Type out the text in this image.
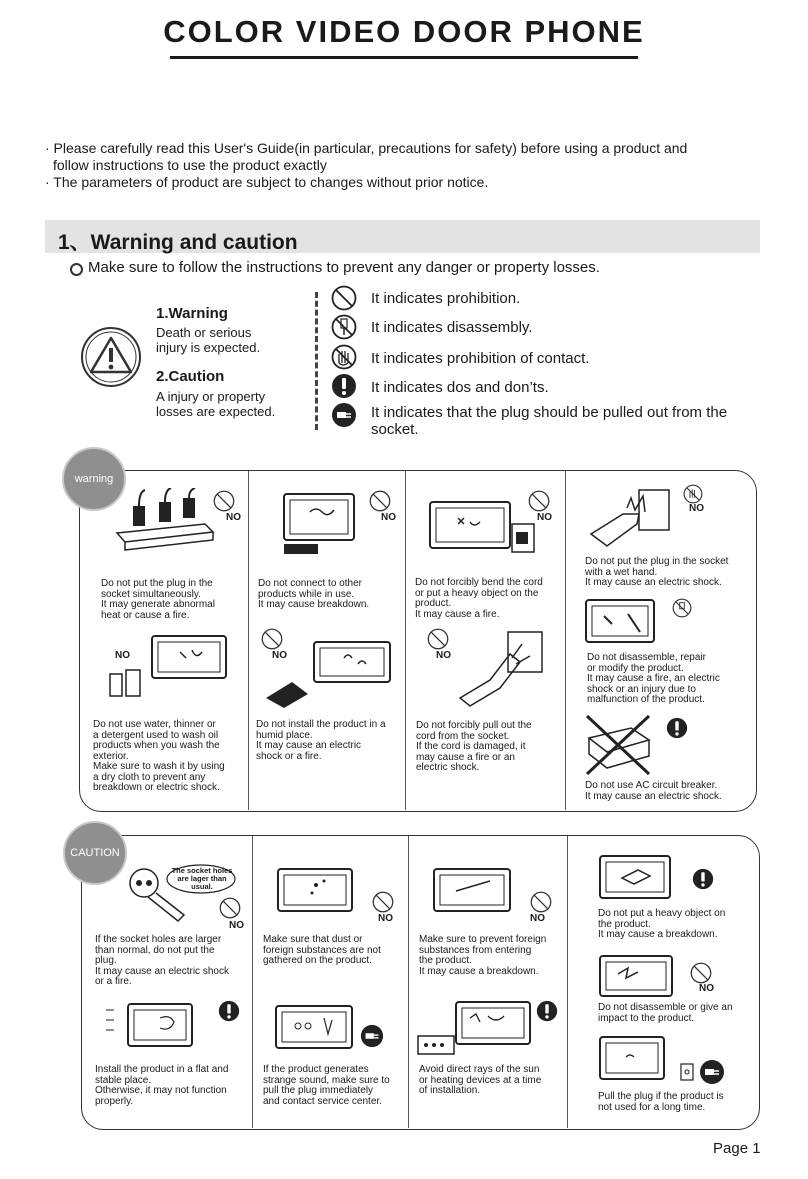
COLOR VIDEO DOOR PHONE
· Please carefully read this User's Guide(in particular, precautions for safety) before using a product and
follow instructions to use the product exactly
· The parameters of product are subject to changes without prior notice.
1、Warning and caution
Make sure to follow the instructions to prevent any danger or property losses.
1.Warning
Death or serious
injury is expected.
2.Caution
A injury or property
losses are expected.
It indicates prohibition.
It indicates disassembly.
It indicates prohibition of contact.
It indicates dos and don’ts.
It indicates that the plug should be pulled out from the socket.
warning
NO	NO	NO
NO
Do not put the plug in the
socket simultaneously.
It may generate abnormal
heat or cause a fire.
Do not connect to other
products while in use.
It may cause breakdown.
Do not forcibly bend the cord
or put a heavy object on the
product.
It may cause a fire.
Do not put the plug in the socket
with a wet hand.
It may cause an electric shock.
NO	NO	NO	Do not disassemble, repair
or modify the product.
It may cause a fire, an electric
shock or an injury due to
malfunction of the product.
Do not use water, thinner or
a detergent used to wash oil
products when you wash the
exterior.
Make sure to wash it by using
a dry cloth to prevent any
breakdown or electric shock.
Do not install the product in a
humid place.
It may cause an electric
shock or a fire.
Do not forcibly pull out the
cord from the socket.
If the cord is damaged, it
may cause a fire or an
electric shock.
Do not use AC circuit breaker.
It may cause an electric shock.
CAUTION
The socket holes
are lager than
usual.
NO
NO	NO	Do not put a heavy object on
the product.
It may cause a breakdown.
If the socket holes are larger
than normal, do not put the
plug.
It may cause an electric shock
or a fire.
Make sure that dust or
foreign substances are not
gathered on the product.
Make sure to prevent foreign
substances from entering
the product.
It may cause a breakdown.
NO
Do not disassemble or give an
impact to the product.
Install the product in a flat and
stable place.
Otherwise, it may not function
properly.
If the product generates
strange sound, make sure to
pull the plug immediately
and contact service center.
Avoid direct rays of the sun
or heating devices at a time
of installation.
Pull the plug if the product is
not used for a long time.
Page 1
